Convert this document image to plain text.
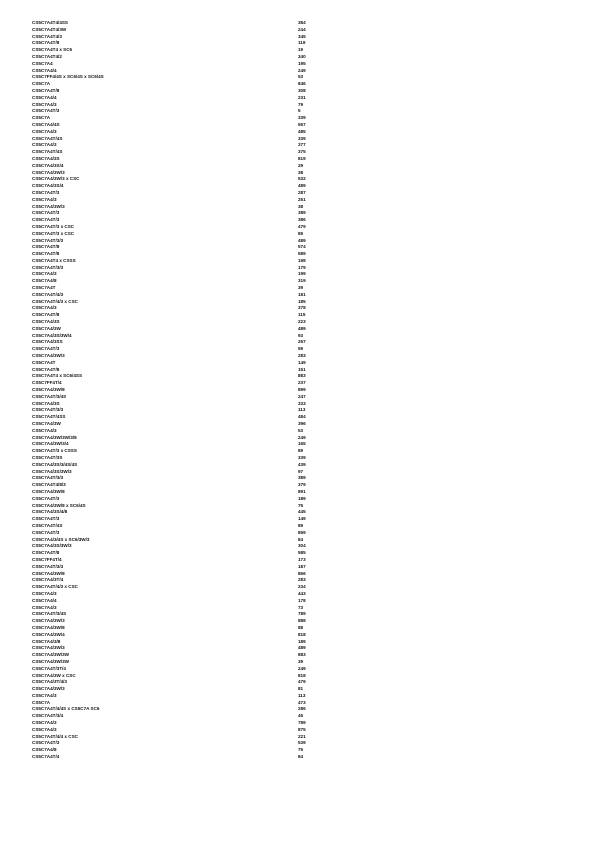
CS5C7A4T4/4SS	384
CS5C7A4T4/3W	244
CS5C7A4T4/3	345
CS5C7A4T/8	119
CS5C7A4T4 x SC6	19
CS5C7A4T4/2	340
CS5C7A4	195
CS5C7A4/4	249
CS5C7FF4/4S x SC6/4S x SC6/4S	53
CS5C7A	846
CS5C7A4T/8	308
CS5C7A4/4	231
CS5C7A4/3	79
CS5C7A4T/3	5
CS5C7A	339
CS5C7A4/4S	557
CS5C7A4/3	485
CS5C7A4T/4S	339
CS5C7A4/3	377
CS5C7A4T/4S	375
CS5C7A4/3S	819
CS5C7A4/3S/4	29
CS5C7A4/3W/3	38
CS5C7A4/3W/3 x CSC	532
CS5C7A4/3S/4	489
CS5C7A4T/3	287
CS5C7A4/3	251
CS5C7A4/3W/3	38
CS5C7A4T/3	389
CS5C7A4T/3	386
CS5C7A4T/3 x CSC	479
CS5C7A4T/3 x CSC	89
CS5C7A4T/3/3	489
CS5C7A4T/8	574
CS5C7A4T/8	589
CS5C7A4T4 x CSSS	198
CS5C7A4T/3/3	179
CS5C7A4/3	199
CS5C7A4/8	319
CS5C7A4T	39
CS5C7A4T/4/3	181
CS5C7A4T/4/3 x CSC	185
CS5C7A4/3	378
CS5C7A4T/8	115
CS5C7A4/3S	223
CS5C7A4/3W	489
CS5C7A4/3S/3W/4	93
CS5C7A4/3SS	257
CS5C7A4T/3	59
CS5C7A4/3W/3	283
CS5C7A4T	149
CS5C7A4T/8	151
CS5C7A4T4 x SC6/4SS	883
CS5C7FF4T/4	237
CS5C7A4/3W/8	899
CS5C7A4T/3/4S	247
CS5C7A4/3S	333
CS5C7A4T/3/3	113
CS5C7A4T/4SS	484
CS5C7A4/3W	396
CS5C7A4/3	53
CS5C7A4/3W/3W/3/8	249
CS5C7A4/3W/3/4	165
CS5C7A4T/3 x CSSS	89
CS5C7A4T/3S	339
CS5C7A4/3S/3/4S/4S	439
CS5C7A4/3S/3W/3	97
CS5C7A4T/3/3	389
CS5C7A4T4/8/3	379
CS5C7A4/3W/8	891
CS5C7A4T/3	189
CS5C7A4/3W/8 x SC6/4S	75
CS5C7A4/3S/4/8	445
CS5C7A4T/3	149
CS5C7A4T/4S	89
CS5C7A4T/3	859
CS5C7A4/3/4S x SC6/3W/3	84
CS5C7A4/3S/3W/3	304
CS5C7A4T/8	585
CS5C7FF4T/4	173
CS5C7A4T/3/3	187
CS5C7A4/3W/8	866
CS5C7A4/3T/4	283
CS5C7A4T/4/3 x CSC	234
CS5C7A4/3	443
CS5C7A4/4	178
CS5C7A4/3	73
CS5C7A4T/3/4S	789
CS5C7A4/3W/3	888
CS5C7A4/3W/8	88
CS5C7A4/3W/4	818
CS5C7A4/3/8	189
CS5C7A4/3W/3	489
CS5C7A4/3W/3W	883
CS5C7A4/3W/3W	39
CS5C7A4T/3T/4	249
CS5C7A4/3W x CSC	818
CS5C7A4/3T/4/3	479
CS5C7A4/3W/3	81
CS5C7A4/3	113
CS5C7A	473
CS5C7A4T/4/4S x CS5C7A SC6	286
CS5C7A4T/3/4	45
CS5C7A4/3	789
CS5C7A4/3	875
CS5C7A4T/4/4 x CSC	221
CS5C7A4T/3	539
CS5C7A4/8	75
CS5C7A4T/4	84
